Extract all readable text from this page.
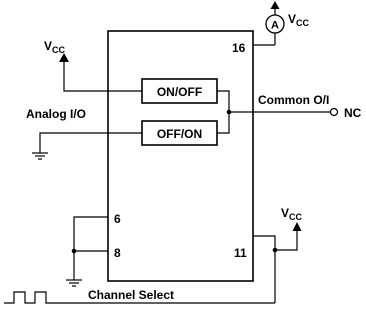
ON/OFF
OFF/ON
Common O/I
NC
$V_{CC}$
Analog I/O
16
A $V_{CC}$
6
8	11
$V_{CC}$
Channel Select
